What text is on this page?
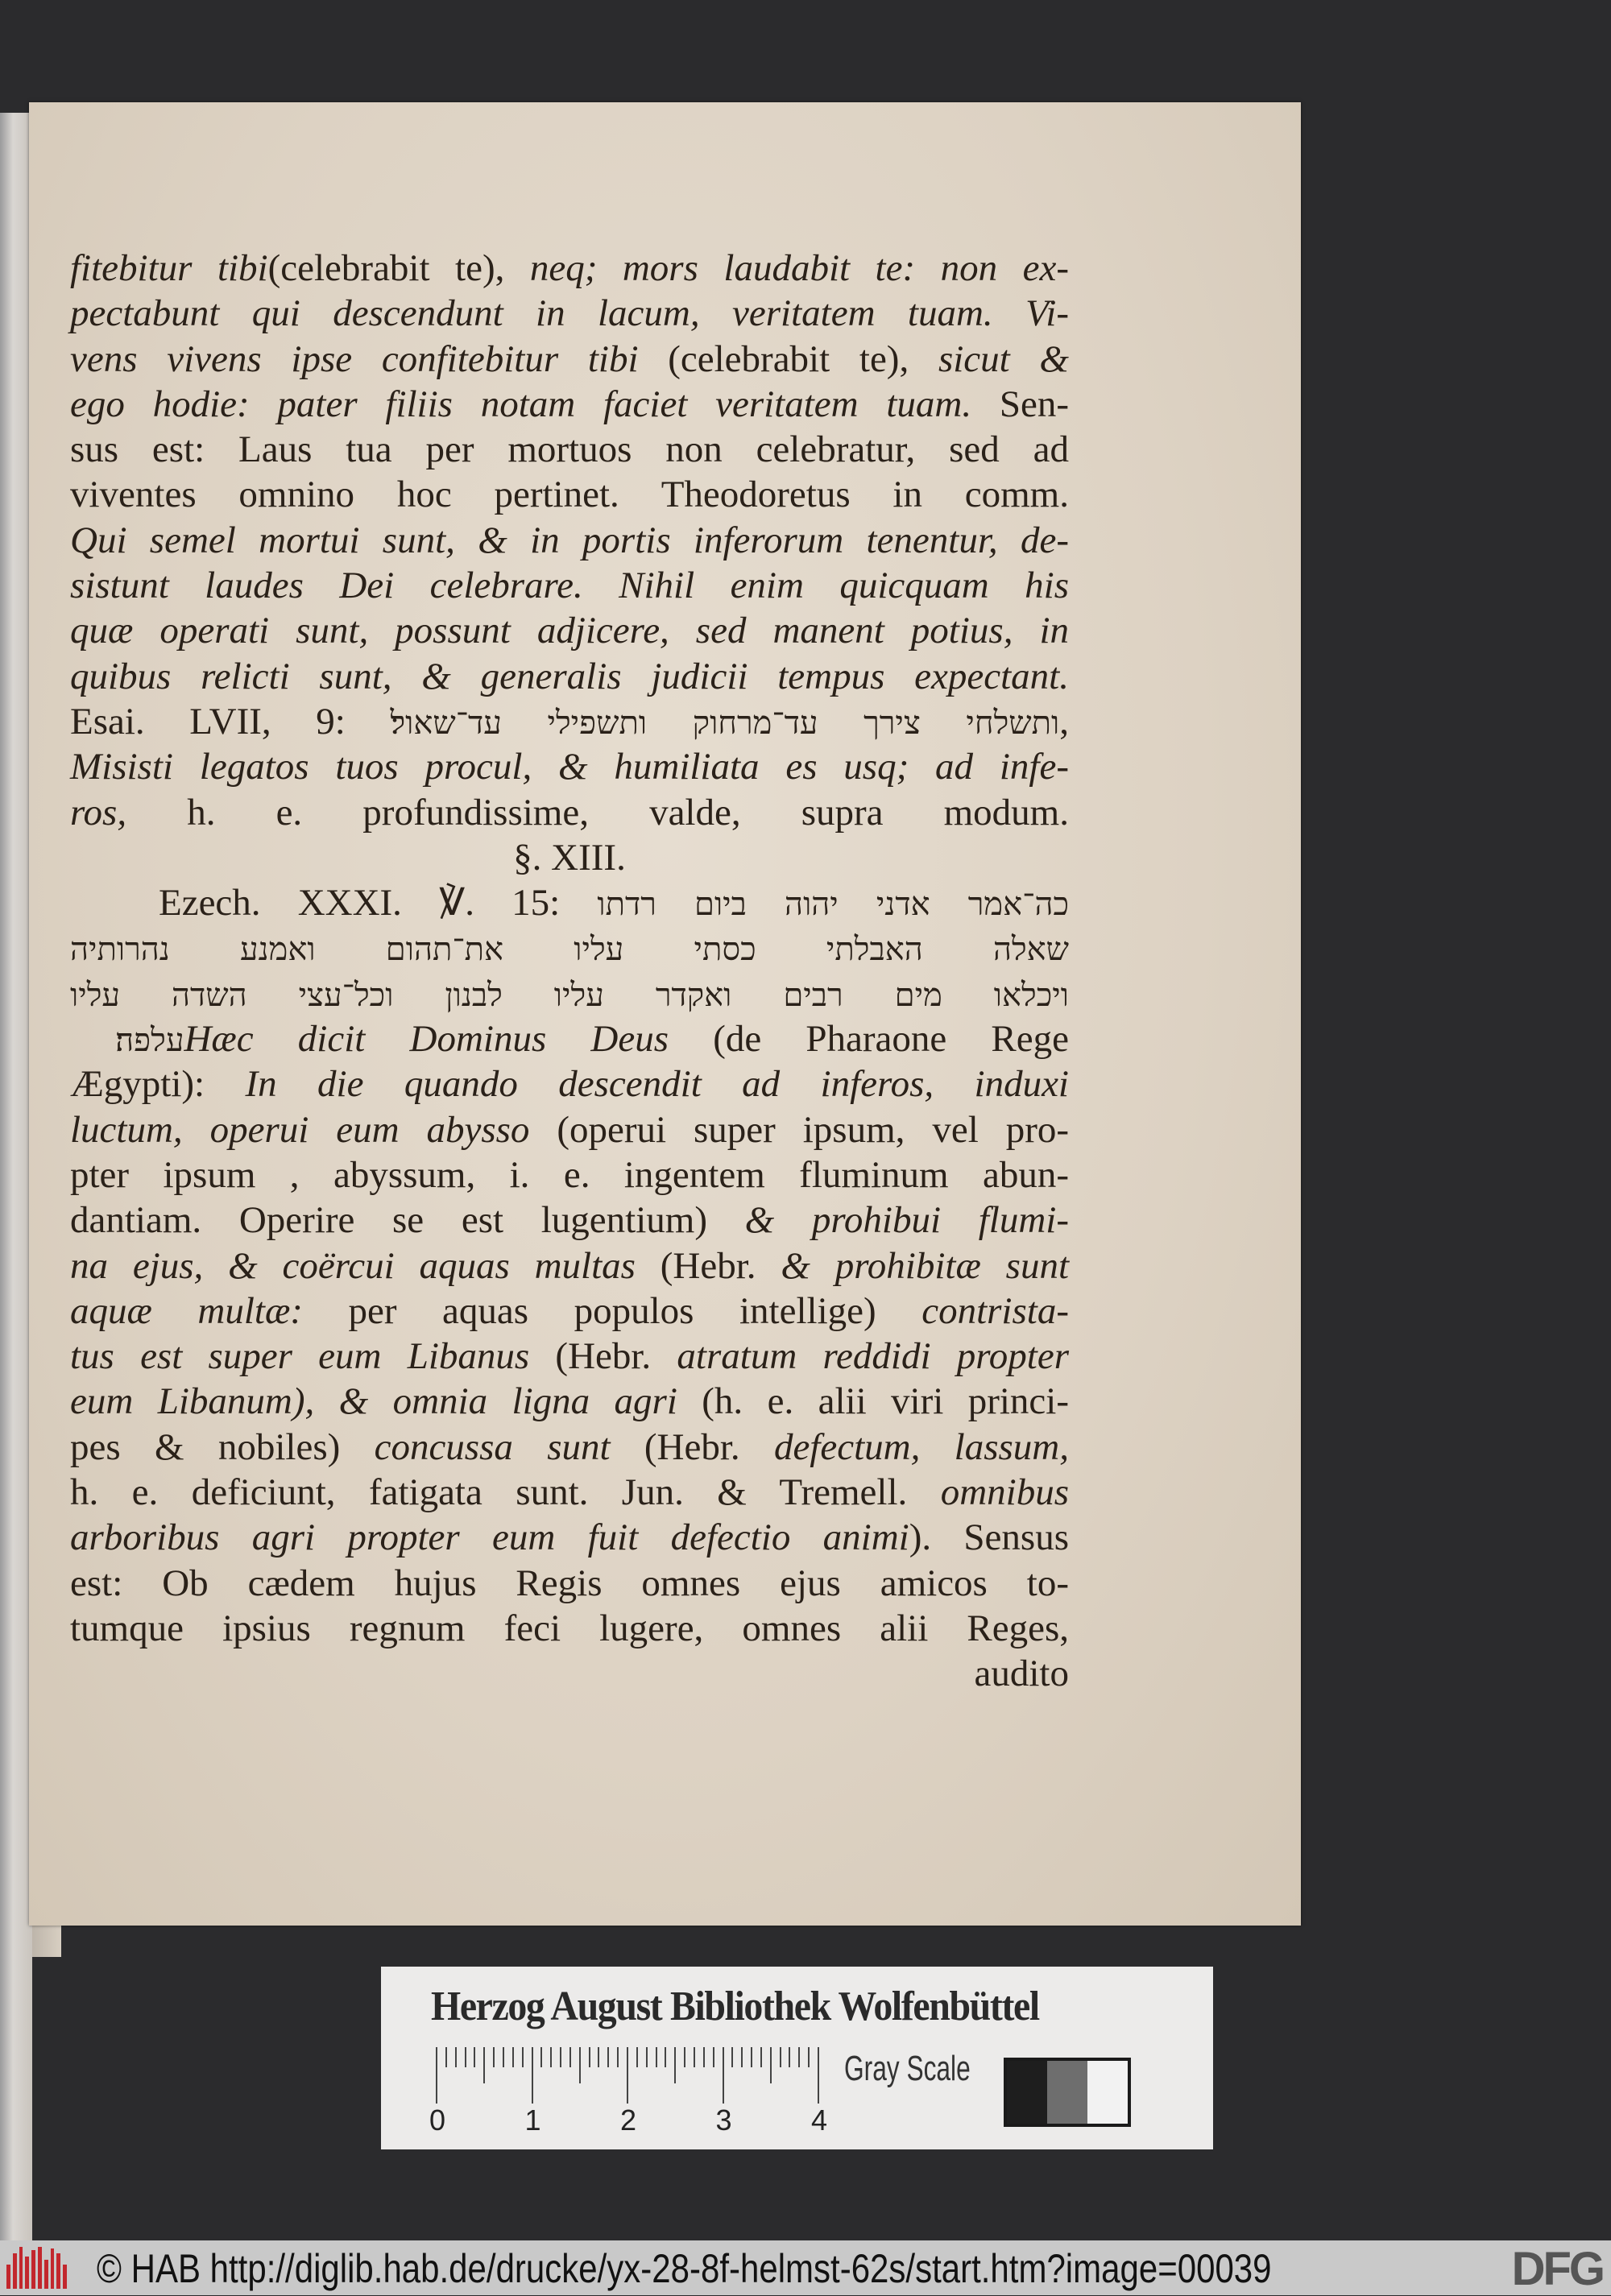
fitebitur tibi(celebrabit te), neq; mors laudabit te: non ex-
pectabunt qui descendunt in lacum, veritatem tuam. Vi-
vens vivens ipse confitebitur tibi (celebrabit te), sicut &
ego hodie: pater filiis notam faciet veritatem tuam. Sen-
sus est: Laus tua per mortuos non celebratur, sed ad
viventes omnino hoc pertinet. Theodoretus in comm.
Qui semel mortui sunt, & in portis inferorum tenentur, de-
sistunt laudes Dei celebrare. Nihil enim quicquam his
quæ operati sunt, possunt adjicere, sed manent potius, in
quibus relicti sunt, & generalis judicii tempus expectant.
Esai. LVII, 9: ותשלחי צירך עד־מרחוק ותשפילי עד־שאול׃,
Misisti legatos tuos procul, & humiliata es usq; ad infe-
ros, h. e. profundissime, valde, supra modum.
§. XIII.
Ezech. XXXI. ℣. 15: כה־אמר אדני יהוה ביום רדתו
שאלה האבלתי כסתי עליו את־תהום ואמנע נהרותיה
ויכלאו מים רבים ואקדר עליו לבנון וכל־עצי השדה עליו
עלפה׃ Hæc dicit Dominus Deus (de Pharaone Rege
Ægypti): In die quando descendit ad inferos, induxi
luctum, operui eum abysso (operui super ipsum, vel pro-
pter ipsum , abyssum, i. e. ingentem fluminum abun-
dantiam. Operire se est lugentium) & prohibui flumi-
na ejus, & coërcui aquas multas (Hebr. & prohibitæ sunt
aquæ multæ: per aquas populos intellige) contrista-
tus est super eum Libanus (Hebr. atratum reddidi propter
eum Libanum), & omnia ligna agri (h. e. alii viri princi-
pes & nobiles) concussa sunt (Hebr. defectum, lassum,
h. e. deficiunt, fatigata sunt. Jun. & Tremell. omnibus
arboribus agri propter eum fuit defectio animi). Sensus
est: Ob cædem hujus Regis omnes ejus amicos to-
tumque ipsius regnum feci lugere, omnes alii Reges,
audito
Herzog August Bibliothek Wolfenbüttel
0	1	2	3	4
Gray Scale
© HAB http://diglib.hab.de/drucke/yx-28-8f-helmst-62s/start.htm?image=00039	DFG
